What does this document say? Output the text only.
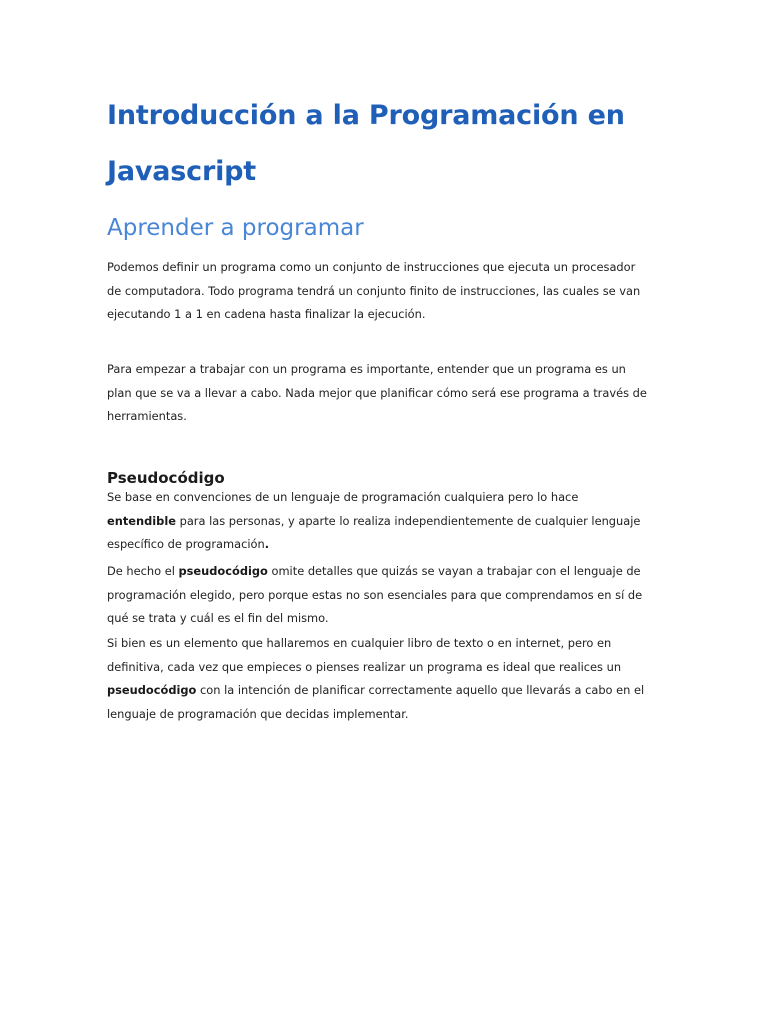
Introducción a la Programación en Javascript
Aprender a programar

Podemos definir un programa como un conjunto de instrucciones que ejecuta un procesador de computadora. Todo programa tendrá un conjunto finito de instrucciones, las cuales se van ejecutando 1 a 1 en cadena hasta finalizar la ejecución.

Para empezar a trabajar con un programa es importante, entender que un programa es un plan que se va a llevar a cabo. Nada mejor que planificar cómo será ese programa a través de herramientas.

Pseudocódigo

Se base en convenciones de un lenguaje de programación cualquiera pero lo hace entendible para las personas, y aparte lo realiza independientemente de cualquier lenguaje específico de programación.

De hecho el pseudocódigo omite detalles que quizás se vayan a trabajar con el lenguaje de programación elegido, pero porque estas no son esenciales para que comprendamos en sí de qué se trata y cuál es el fin del mismo.

Si bien es un elemento que hallaremos en cualquier libro de texto o en internet, pero en definitiva, cada vez que empieces o pienses realizar un programa es ideal que realices un pseudocódigo con la intención de planificar correctamente aquello que llevarás a cabo en el lenguaje de programación que decidas implementar.
